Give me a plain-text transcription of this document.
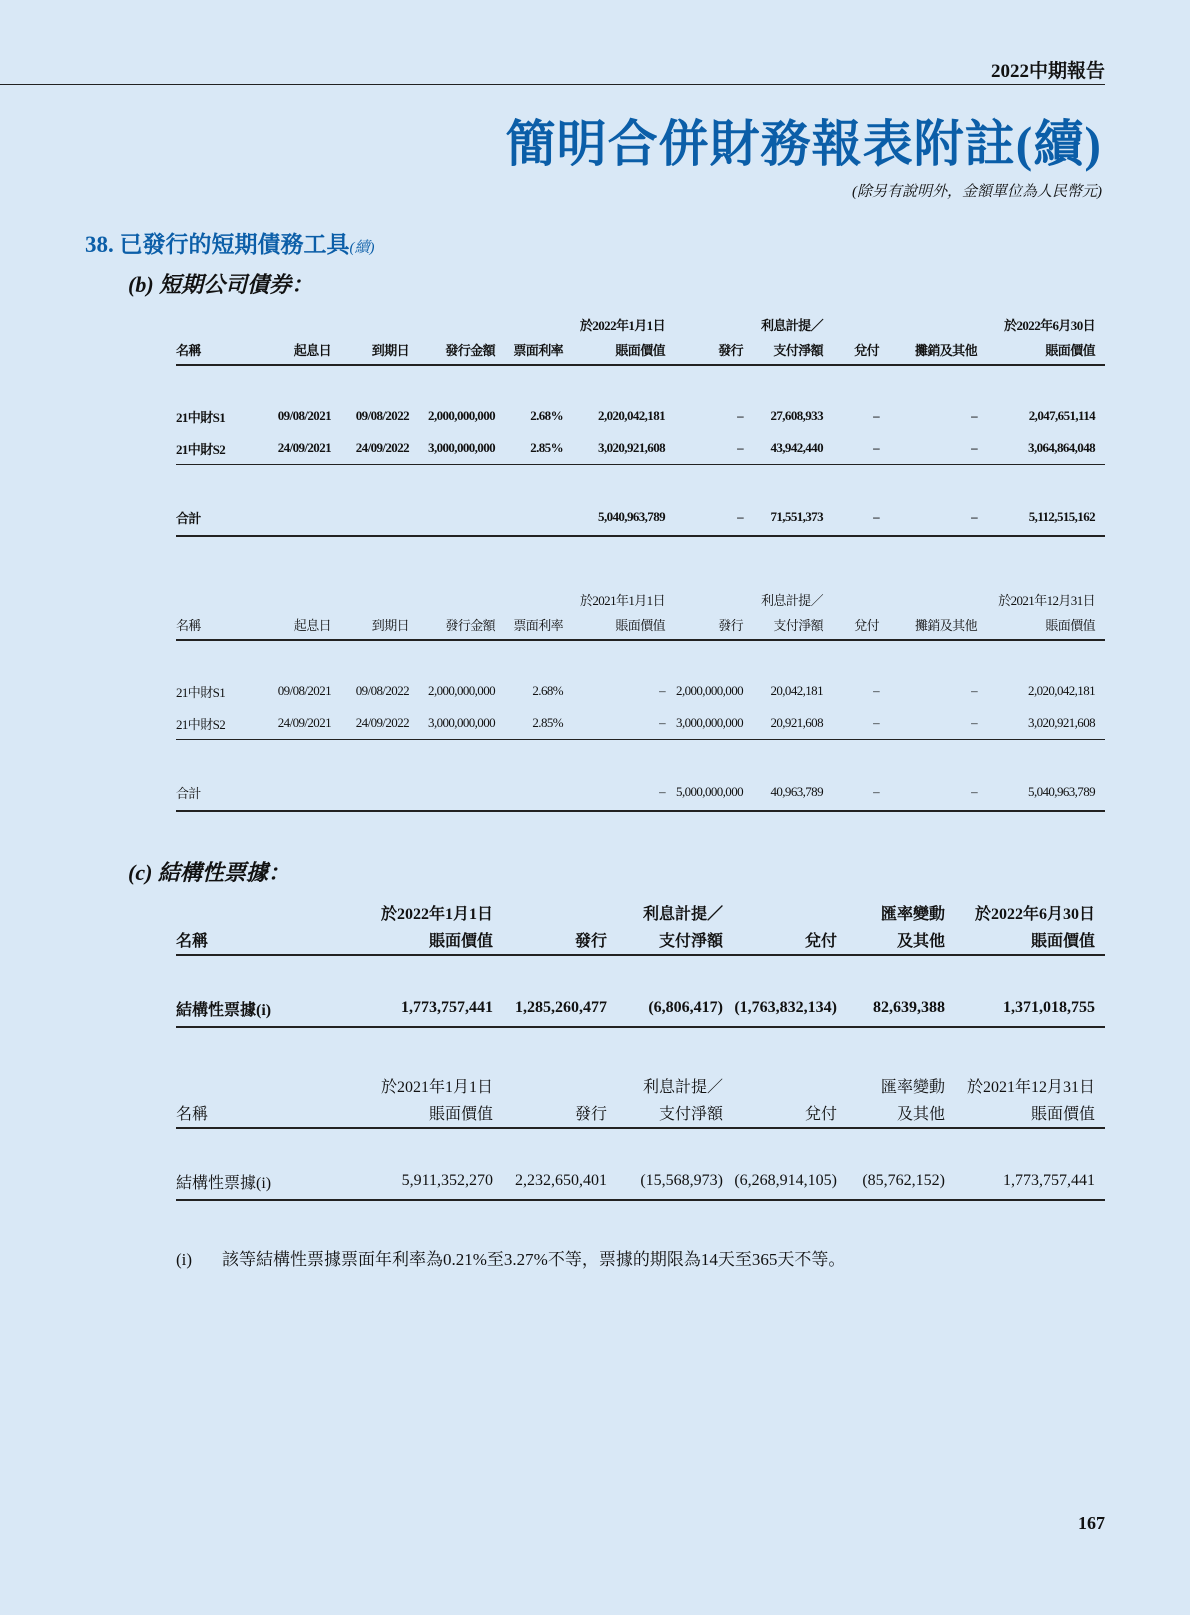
2022中期報告
簡明合併財務報表附註(續)
(除另有說明外，金額單位為人民幣元)
38. 已發行的短期債務工具(續)
(b) 短期公司債券：
					於2022年1月1日		利息計提／			於2022年6月30日
名稱	起息日	到期日	發行金額	票面利率	賬面價值	發行	支付淨額	兌付	攤銷及其他	賬面價值

21中財S1	09/08/2021	09/08/2022	2,000,000,000	2.68%	2,020,042,181	–	27,608,933	–	–	2,047,651,114
21中財S2	24/09/2021	24/09/2022	3,000,000,000	2.85%	3,020,921,608	–	43,942,440	–	–	3,064,864,048

合計					5,040,963,789	–	71,551,373	–	–	5,112,515,162
					於2021年1月1日		利息計提／			於2021年12月31日
名稱	起息日	到期日	發行金額	票面利率	賬面價值	發行	支付淨額	兌付	攤銷及其他	賬面價值

21中財S1	09/08/2021	09/08/2022	2,000,000,000	2.68%	–	2,000,000,000	20,042,181	–	–	2,020,042,181
21中財S2	24/09/2021	24/09/2022	3,000,000,000	2.85%	–	3,000,000,000	20,921,608	–	–	3,020,921,608

合計					–	5,000,000,000	40,963,789	–	–	5,040,963,789
(c) 結構性票據：
	於2022年1月1日		利息計提／		匯率變動	於2022年6月30日
名稱	賬面價值	發行	支付淨額	兌付	及其他	賬面價值

結構性票據(i)	1,773,757,441	1,285,260,477	(6,806,417)	(1,763,832,134)	82,639,388	1,371,018,755
	於2021年1月1日		利息計提／		匯率變動	於2021年12月31日
名稱	賬面價值	發行	支付淨額	兌付	及其他	賬面價值

結構性票據(i)	5,911,352,270	2,232,650,401	(15,568,973)	(6,268,914,105)	(85,762,152)	1,773,757,441
(i) 該等結構性票據票面年利率為0.21%至3.27%不等，票據的期限為14天至365天不等。
167
